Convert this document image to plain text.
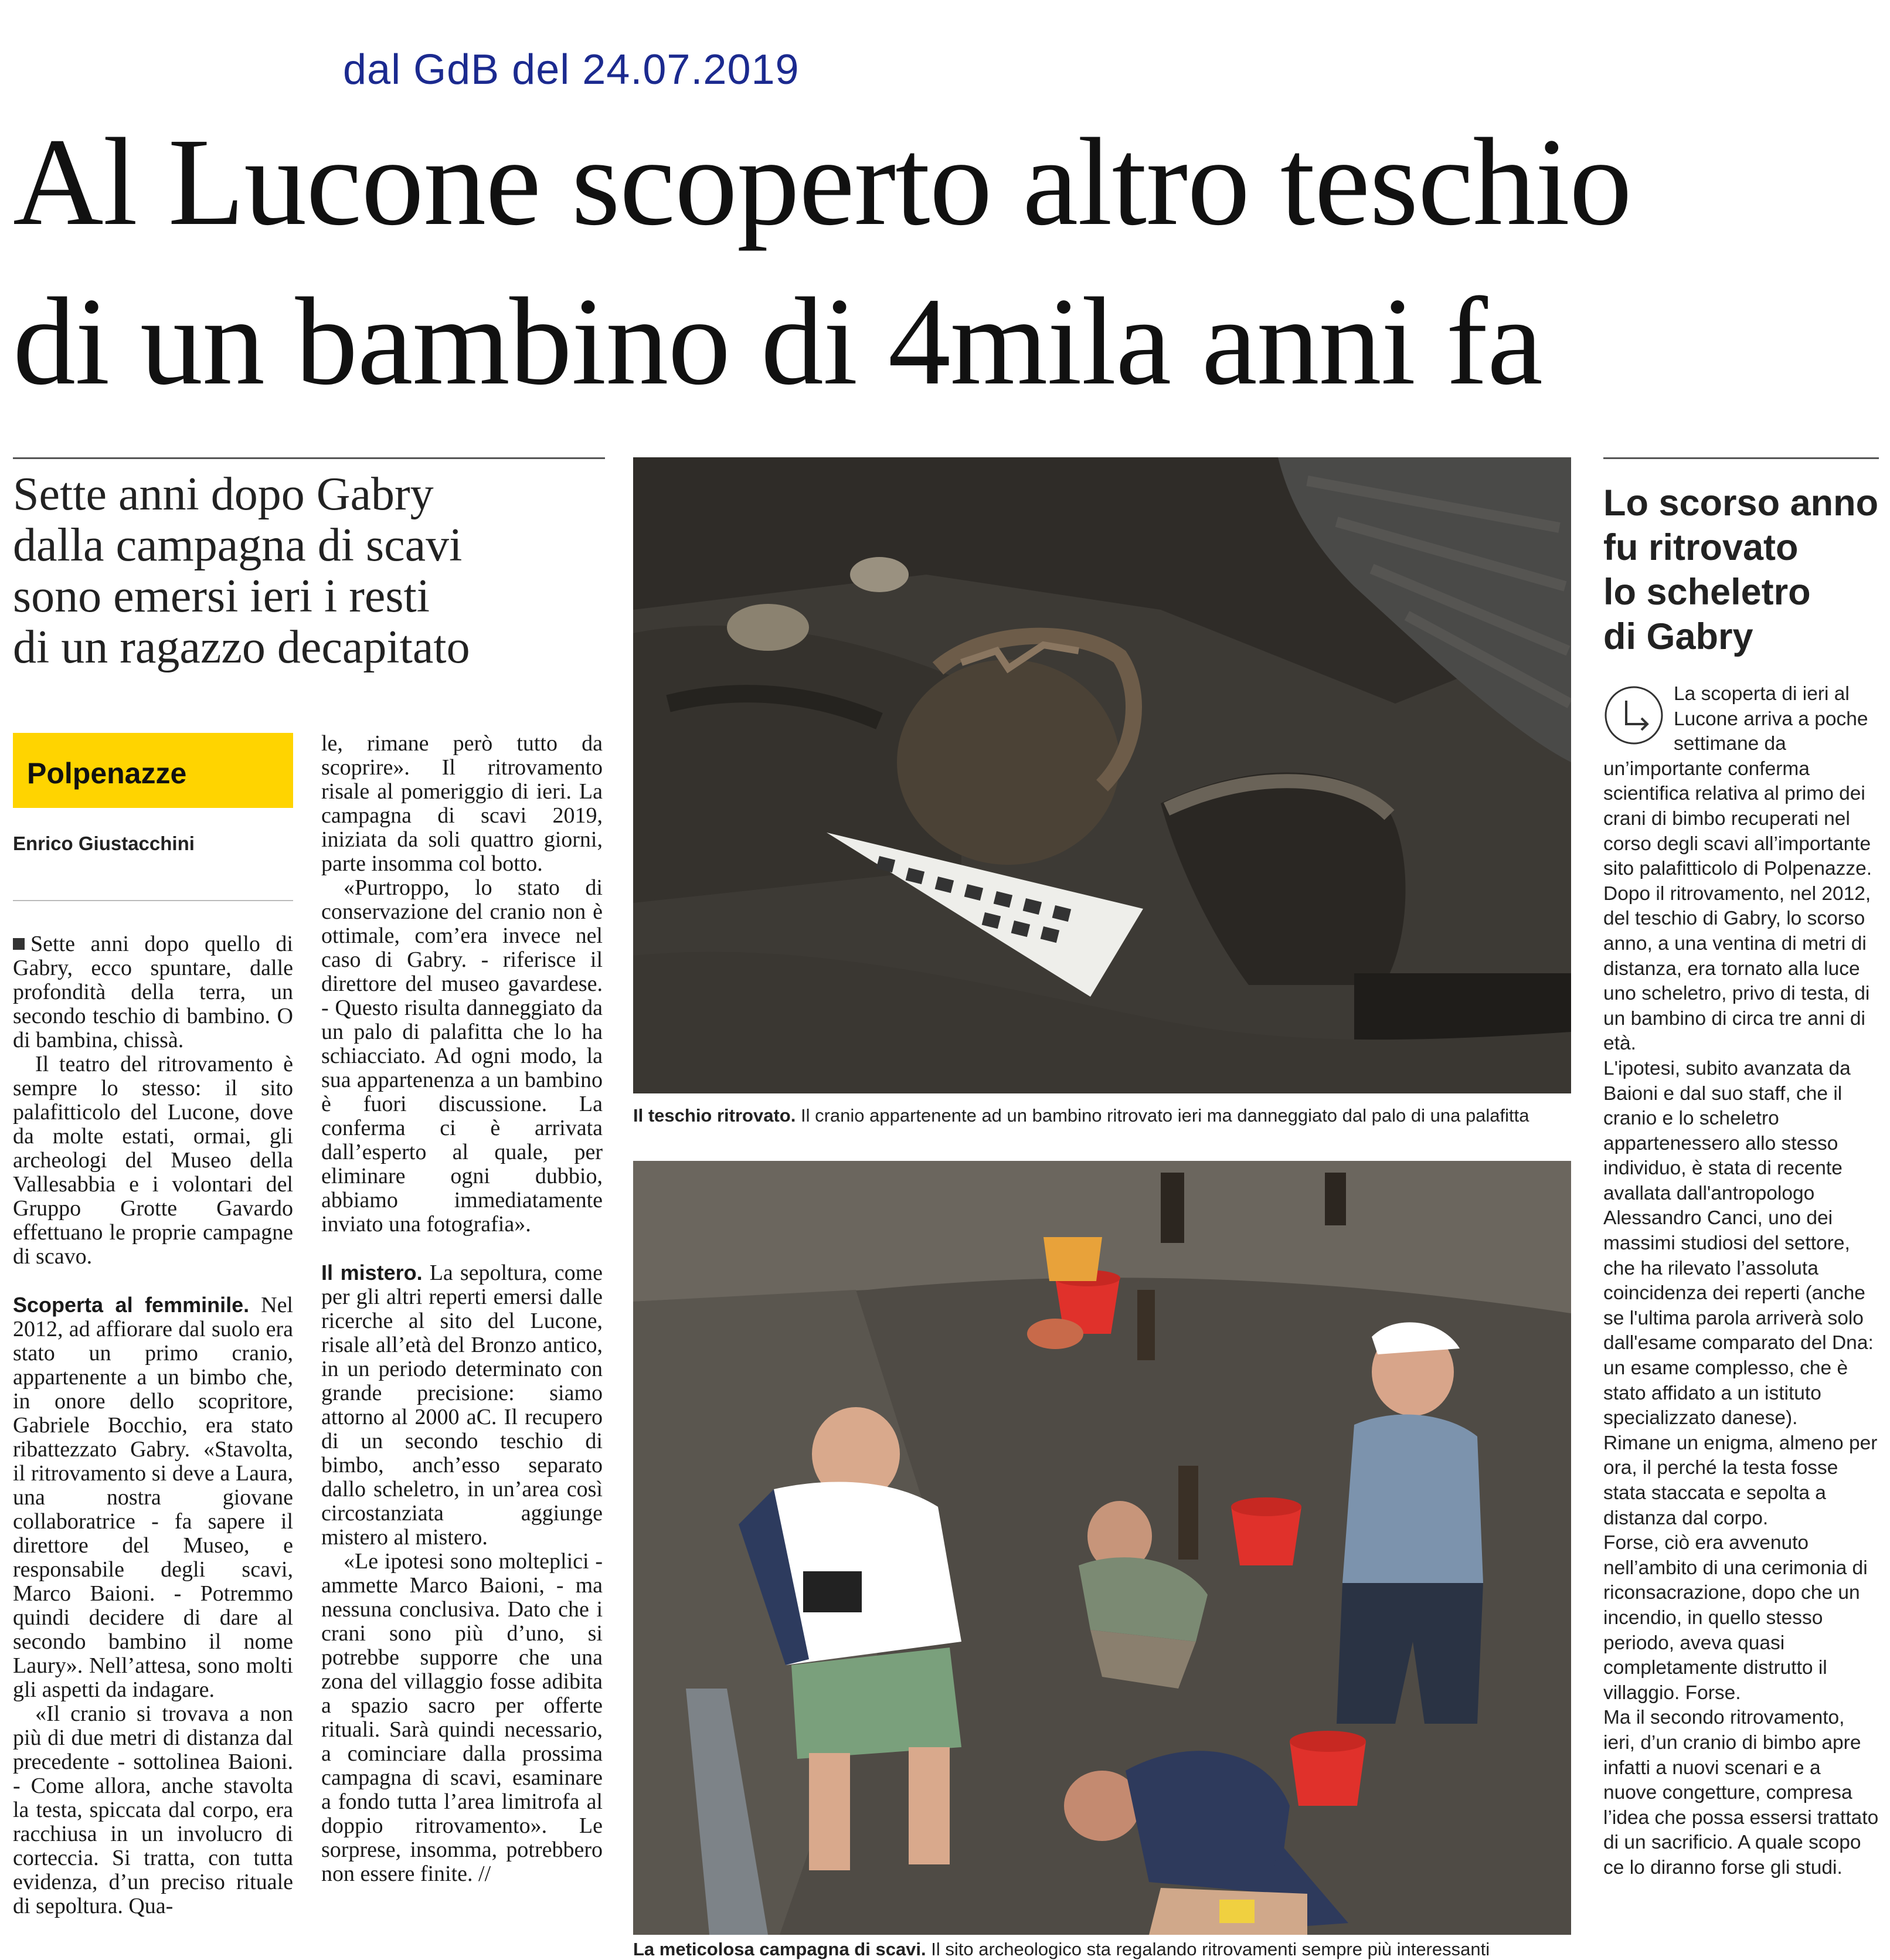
dal GdB del 24.07.2019
Al Lucone scoperto altro teschio
di un bambino di 4mila anni fa
Sette anni dopo Gabry
dalla campagna di scavi
sono emersi ieri i resti
di un ragazzo decapitato
Polpenazze
Enrico Giustacchini

Sette anni dopo quello di Gabry, ecco spuntare, dalle profondità della terra, un secondo teschio di bambino. O di bambina, chissà.

Il teatro del ritrovamento è sempre lo stesso: il sito palafitticolo del Lucone, dove da molte estati, ormai, gli archeologi del Museo della Vallesabbia e i volontari del Gruppo Grotte Gavardo effettuano le proprie campagne di scavo.

Scoperta al femminile. Nel 2012, ad affiorare dal suolo era stato un primo cranio, appartenente a un bimbo che, in onore dello scopritore, Gabriele Bocchio, era stato ribattezzato Gabry. «Stavolta, il ritrovamento si deve a Laura, una nostra giovane collaboratrice - fa sapere il direttore del Museo, e responsabile degli scavi, Marco Baioni. - Potremmo quindi decidere di dare al secondo bambino il nome Laury». Nell’attesa, sono molti gli aspetti da indagare.

«Il cranio si trovava a non più di due metri di distanza dal precedente - sottolinea Baioni. - Come allora, anche stavolta la testa, spiccata dal corpo, era racchiusa in un involucro di corteccia. Si tratta, con tutta evidenza, d’un preciso rituale di sepoltura. Qua-

le, rimane però tutto da scoprire». Il ritrovamento risale al pomeriggio di ieri. La campagna di scavi 2019, iniziata da soli quattro giorni, parte insomma col botto.

«Purtroppo, lo stato di conservazione del cranio non è ottimale, com’era invece nel caso di Gabry. - riferisce il direttore del museo gavardese. - Questo risulta danneggiato da un palo di palafitta che lo ha schiacciato. Ad ogni modo, la sua appartenenza a un bambino è fuori discussione. La conferma ci è arrivata dall’esperto al quale, per eliminare ogni dubbio, abbiamo immediatamente inviato una fotografia».

Il mistero. La sepoltura, come per gli altri reperti emersi dalle ricerche al sito del Lucone, risale all’età del Bronzo antico, in un periodo determinato con grande precisione: siamo attorno al 2000 aC. Il recupero di un secondo teschio di bimbo, anch’esso separato dallo scheletro, in un’area così circostanziata aggiunge mistero al mistero.

«Le ipotesi sono molteplici - ammette Marco Baioni, - ma nessuna conclusiva. Dato che i crani sono più d’uno, si potrebbe supporre che una zona del villaggio fosse adibita a spazio sacro per offerte rituali. Sarà quindi necessario, a cominciare dalla prossima campagna di scavi, esaminare a fondo tutta l’area limitrofa al doppio ritrovamento». Le sorprese, insomma, potrebbero non essere finite. //

Il teschio ritrovato. Il cranio appartenente ad un bambino ritrovato ieri ma danneggiato dal palo di una palafitta
La meticolosa campagna di scavi. Il sito archeologico sta regalando ritrovamenti sempre più interessanti
Lo scorso anno
fu ritrovato
lo scheletro
di Gabry
La scoperta di ieri al Lucone arriva a poche settimane da un’importante conferma scientifica relativa al primo dei crani di bimbo recuperati nel corso degli scavi all’importante sito palafitticolo di Polpenazze.
Dopo il ritrovamento, nel 2012, del teschio di Gabry, lo scorso anno, a una ventina di metri di distanza, era tornato alla luce uno scheletro, privo di testa, di un bambino di circa tre anni di età.
L'ipotesi, subito avanzata da Baioni e dal suo staff, che il cranio e lo scheletro appartenessero allo stesso individuo, è stata di recente avallata dall'antropologo Alessandro Canci, uno dei massimi studiosi del settore, che ha rilevato l’assoluta coincidenza dei reperti (anche se l'ultima parola arriverà solo dall'esame comparato del Dna: un esame complesso, che è stato affidato a un istituto specializzato danese).
Rimane un enigma, almeno per ora, il perché la testa fosse stata staccata e sepolta a distanza dal corpo.
Forse, ciò era avvenuto nell’ambito di una cerimonia di riconsacrazione, dopo che un incendio, in quello stesso periodo, aveva quasi completamente distrutto il villaggio. Forse.
Ma il secondo ritrovamento, ieri, d’un cranio di bimbo apre infatti a nuovi scenari e a nuove congetture, compresa l’idea che possa essersi trattato di un sacrificio. A quale scopo ce lo diranno forse gli studi.
